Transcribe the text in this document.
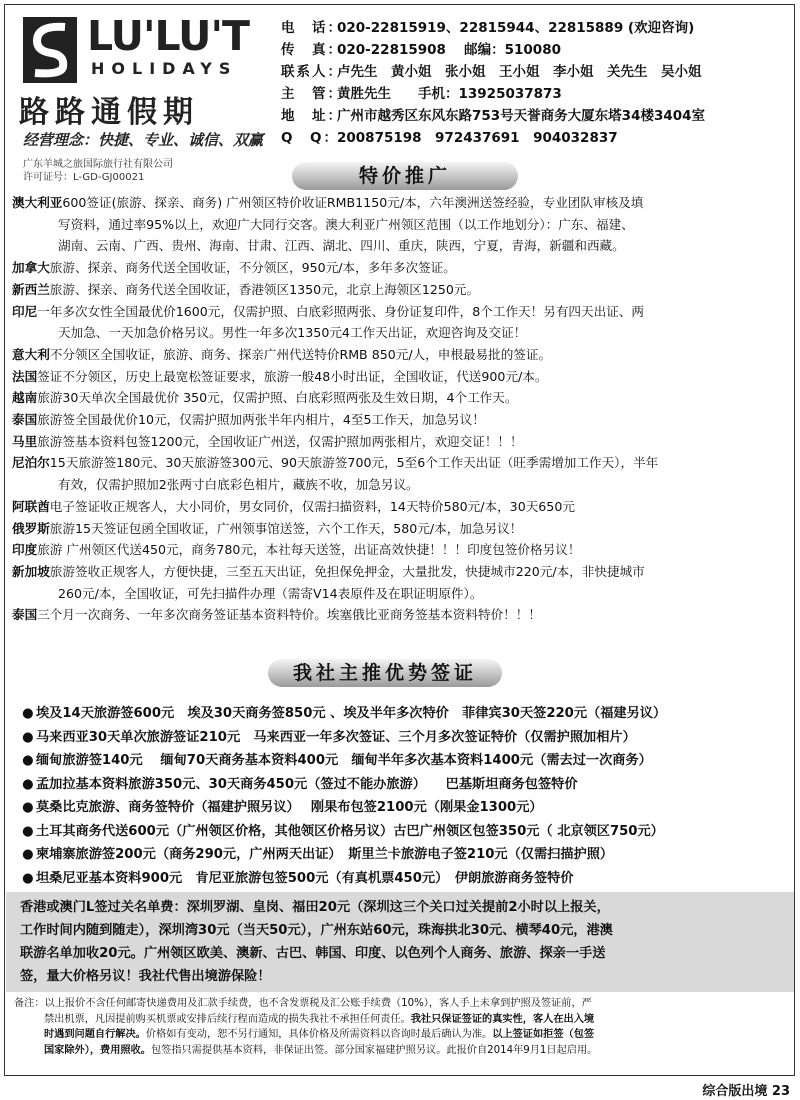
LU'LU'T
HOLIDAYS
路路通假期
经营理念：快捷、专业、诚信、双赢
广东羊城之旅国际旅行社有限公司
许可证号：L-GD-GJ00021
电　话：020-22815919、22815944、22815889 (欢迎咨询)
传　真：020-22815908　 邮编：510080
联系人：卢先生　黄小姐　张小姐　王小姐　李小姐　关先生　吴小姐
主　管：黄胜先生　　手机：13925037873
地　址：广州市越秀区东风东路753号天誉商务大厦东塔34楼3404室
Q　Q：200875198　972437691　904032837
特价推广
澳大利亚600签证(旅游、探亲、商务) 广州领区特价收证RMB1150元/本，六年澳洲送签经验，专业团队审核及填
写资料，通过率95%以上，欢迎广大同行交客。澳大利亚广州领区范围（以工作地划分）：广东、福建、
湖南、云南、广西、贵州、海南、甘肃、江西、湖北、四川、重庆，陕西，宁夏，青海，新疆和西藏。
加拿大旅游、探亲、商务代送全国收证，不分领区，950元/本，多年多次签证。
新西兰旅游、探亲、商务代送全国收证，香港领区1350元，北京上海领区1250元。
印尼一年多次女性全国最优价1600元，仅需护照、白底彩照两张、身份证复印件，8个工作天！另有四天出证、两
天加急、一天加急价格另议。男性一年多次1350元4工作天出证，欢迎咨询及交证！
意大利不分领区全国收证，旅游、商务、探亲广州代送特价RMB 850元/人，申根最易批的签证。
法国签证不分领区，历史上最宽松签证要求，旅游一般48小时出证，全国收证，代送900元/本。
越南旅游30天单次全国最优价 350元，仅需护照、白底彩照两张及生效日期，4个工作天。
泰国旅游签全国最优价10元，仅需护照加两张半年内相片，4至5工作天，加急另议！
马里旅游签基本资料包签1200元，全国收证广州送，仅需护照加两张相片，欢迎交证！！！
尼泊尔15天旅游签180元、30天旅游签300元、90天旅游签700元，5至6个工作天出证（旺季需增加工作天），半年
有效，仅需护照加2张两寸白底彩色相片，藏族不收，加急另议。
阿联酋电子签证收正规客人，大小同价，男女同价，仅需扫描资料，14天特价580元/本，30天650元
俄罗斯旅游15天签证包函全国收证，广州领事馆送签，六个工作天，580元/本，加急另议！
印度旅游 广州领区代送450元，商务780元，本社每天送签，出证高效快捷！！！印度包签价格另议！
新加坡旅游签收正规客人，方便快捷，三至五天出证，免担保免押金，大量批发，快捷城市220元/本，非快捷城市
260元/本，全国收证，可先扫描件办理（需寄V14表原件及在职证明原件）。
泰国三个月一次商务、一年多次商务签证基本资料特价。埃塞俄比亚商务签基本资料特价！！！
我社主推优势签证
● 埃及14天旅游签600元　埃及30天商务签850元 、埃及半年多次特价　菲律宾30天签220元（福建另议）
● 马来西亚30天单次旅游签证210元　马来西亚一年多次签证、三个月多次签证特价（仅需护照加相片）
● 缅甸旅游签140元　 缅甸70天商务基本资料400元　缅甸半年多次基本资料1400元（需去过一次商务）
● 孟加拉基本资料旅游350元、30天商务450元（签过不能办旅游）　　巴基斯坦商务包签特价
● 莫桑比克旅游、商务签特价（福建护照另议）　 刚果布包签2100元（刚果金1300元）
● 土耳其商务代送600元（广州领区价格，其他领区价格另议）古巴广州领区包签350元（ 北京领区750元）
● 柬埔寨旅游签200元（商务290元，广州两天出证）　斯里兰卡旅游电子签210元（仅需扫描护照）
● 坦桑尼亚基本资料900元　肯尼亚旅游包签500元（有真机票450元）　伊朗旅游商务签特价
香港或澳门L签过关名单费：深圳罗湖、皇岗、福田20元（深圳这三个关口过关提前2小时以上报关，
工作时间内随到随走），深圳湾30元（当天50元），广州东站60元，珠海拱北30元、横琴40元，港澳
联游名单加收20元。广州领区欧美、澳新、古巴、韩国、印度、以色列个人商务、旅游、探亲一手送
签，量大价格另议！我社代售出境游保险！
备注：以上报价不含任何邮寄快递费用及汇款手续费，也不含发票税及汇公账手续费（10%），客人手上未拿到护照及签证前，严
禁出机票，凡因提前购买机票或安排后续行程而造成的损失我社不承担任何责任。我社只保证签证的真实性，客人在出入境
时遇到问题自行解决。价格如有变动，恕不另行通知，具体价格及所需资料以咨询时最后确认为准。以上签证如拒签（包签
国家除外），费用照收。包签指只需提供基本资料，非保证出签。部分国家福建护照另议。此报价自2014年9月1日起启用。
综合版出境 23
